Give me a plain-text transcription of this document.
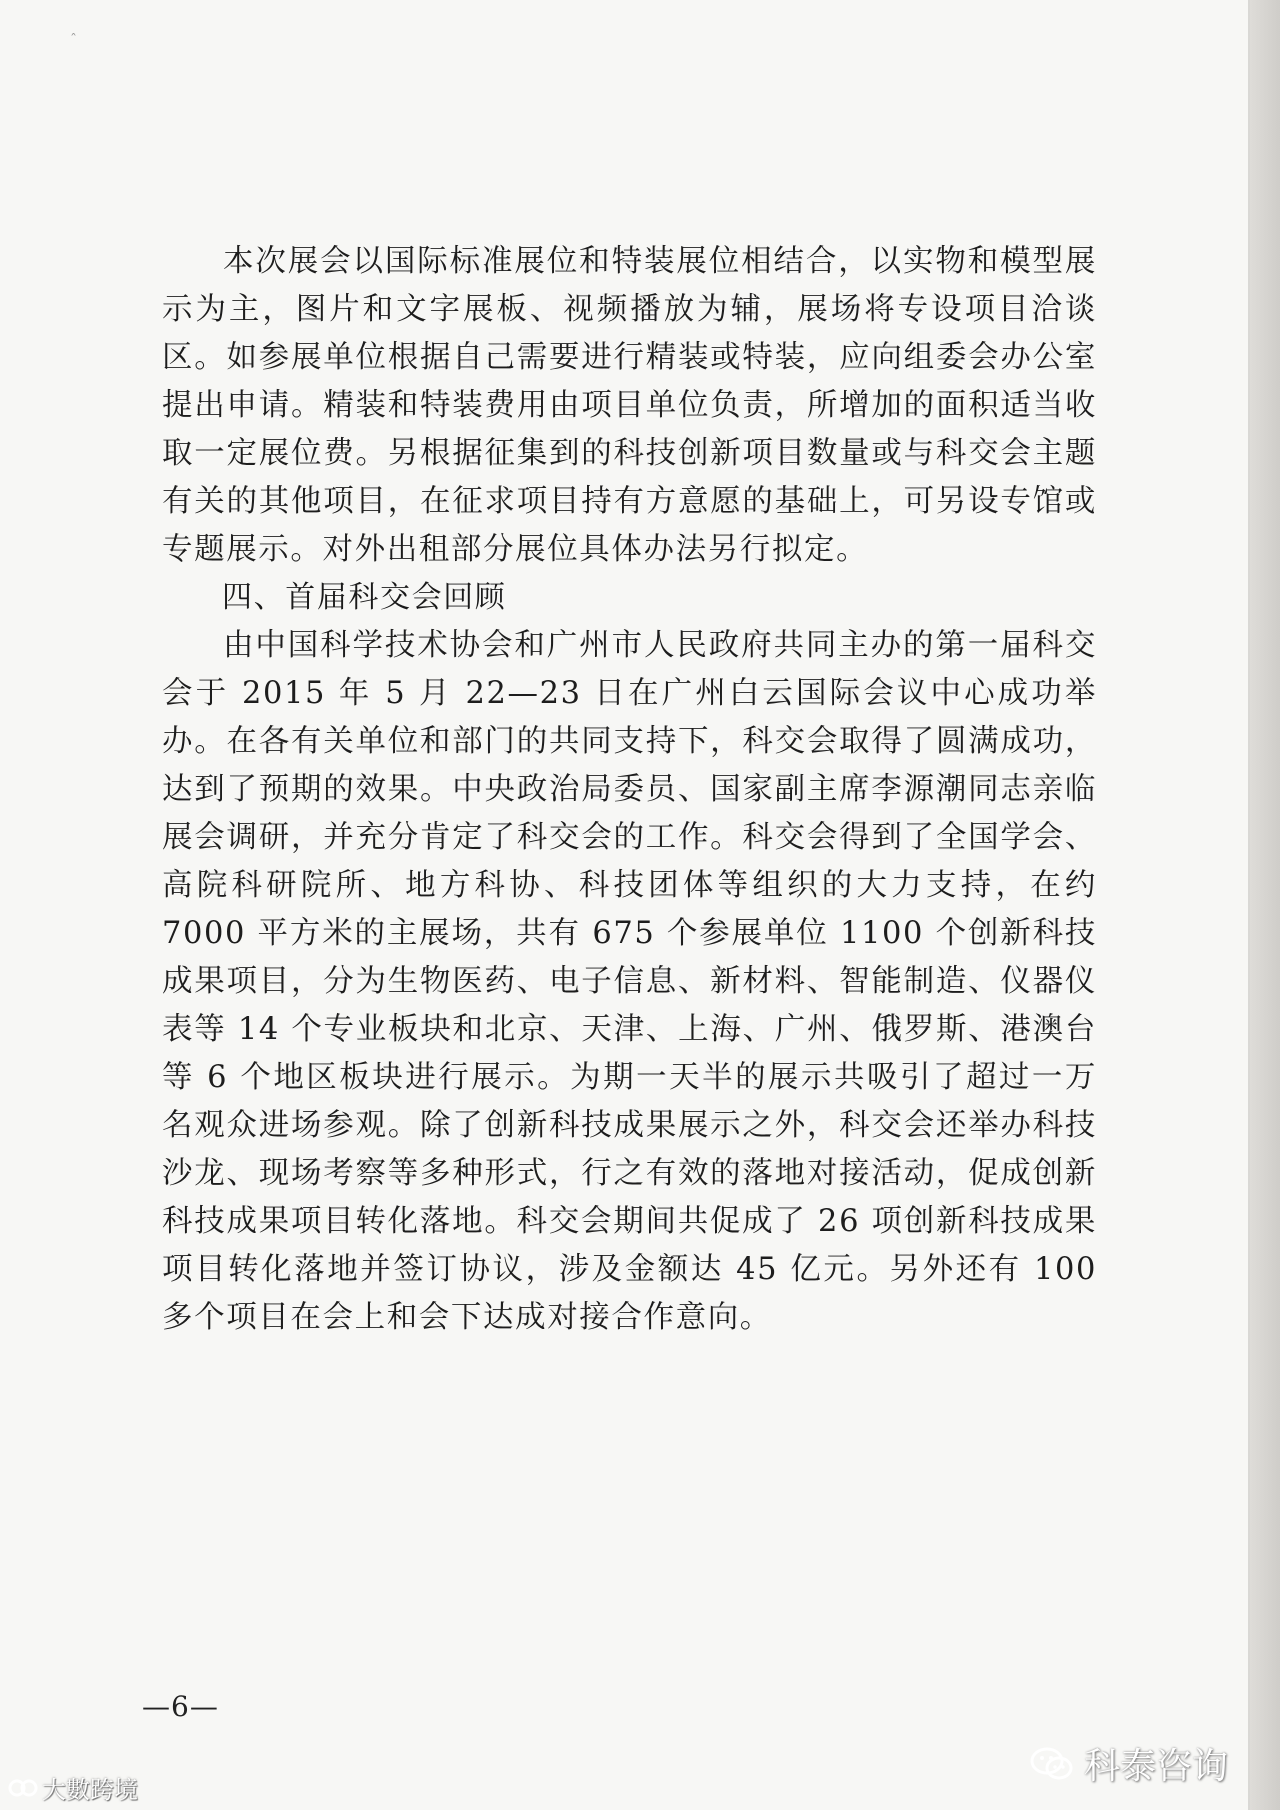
ˆ

本次展会以国际标准展位和特装展位相结合，以实物和模型展示为主，图片和文字展板、视频播放为辅，展场将专设项目洽谈区。如参展单位根据自己需要进行精装或特装，应向组委会办公室提出申请。精装和特装费用由项目单位负责，所增加的面积适当收取一定展位费。另根据征集到的科技创新项目数量或与科交会主题有关的其他项目，在征求项目持有方意愿的基础上，可另设专馆或专题展示。对外出租部分展位具体办法另行拟定。

四、首届科交会回顾

由中国科学技术协会和广州市人民政府共同主办的第一届科交会于 2015 年 5 月 22—23 日在广州白云国际会议中心成功举办。在各有关单位和部门的共同支持下，科交会取得了圆满成功，达到了预期的效果。中央政治局委员、国家副主席李源潮同志亲临展会调研，并充分肯定了科交会的工作。科交会得到了全国学会、高院科研院所、地方科协、科技团体等组织的大力支持，在约 7000 平方米的主展场，共有 675 个参展单位 1100 个创新科技成果项目，分为生物医药、电子信息、新材料、智能制造、仪器仪表等 14 个专业板块和北京、天津、上海、广州、俄罗斯、港澳台等 6 个地区板块进行展示。为期一天半的展示共吸引了超过一万名观众进场参观。除了创新科技成果展示之外，科交会还举办科技沙龙、现场考察等多种形式，行之有效的落地对接活动，促成创新科技成果项目转化落地。科交会期间共促成了 26 项创新科技成果项目转化落地并签订协议，涉及金额达 45 亿元。另外还有 100 多个项目在会上和会下达成对接合作意向。

—6—
科泰咨询
大數跨境
